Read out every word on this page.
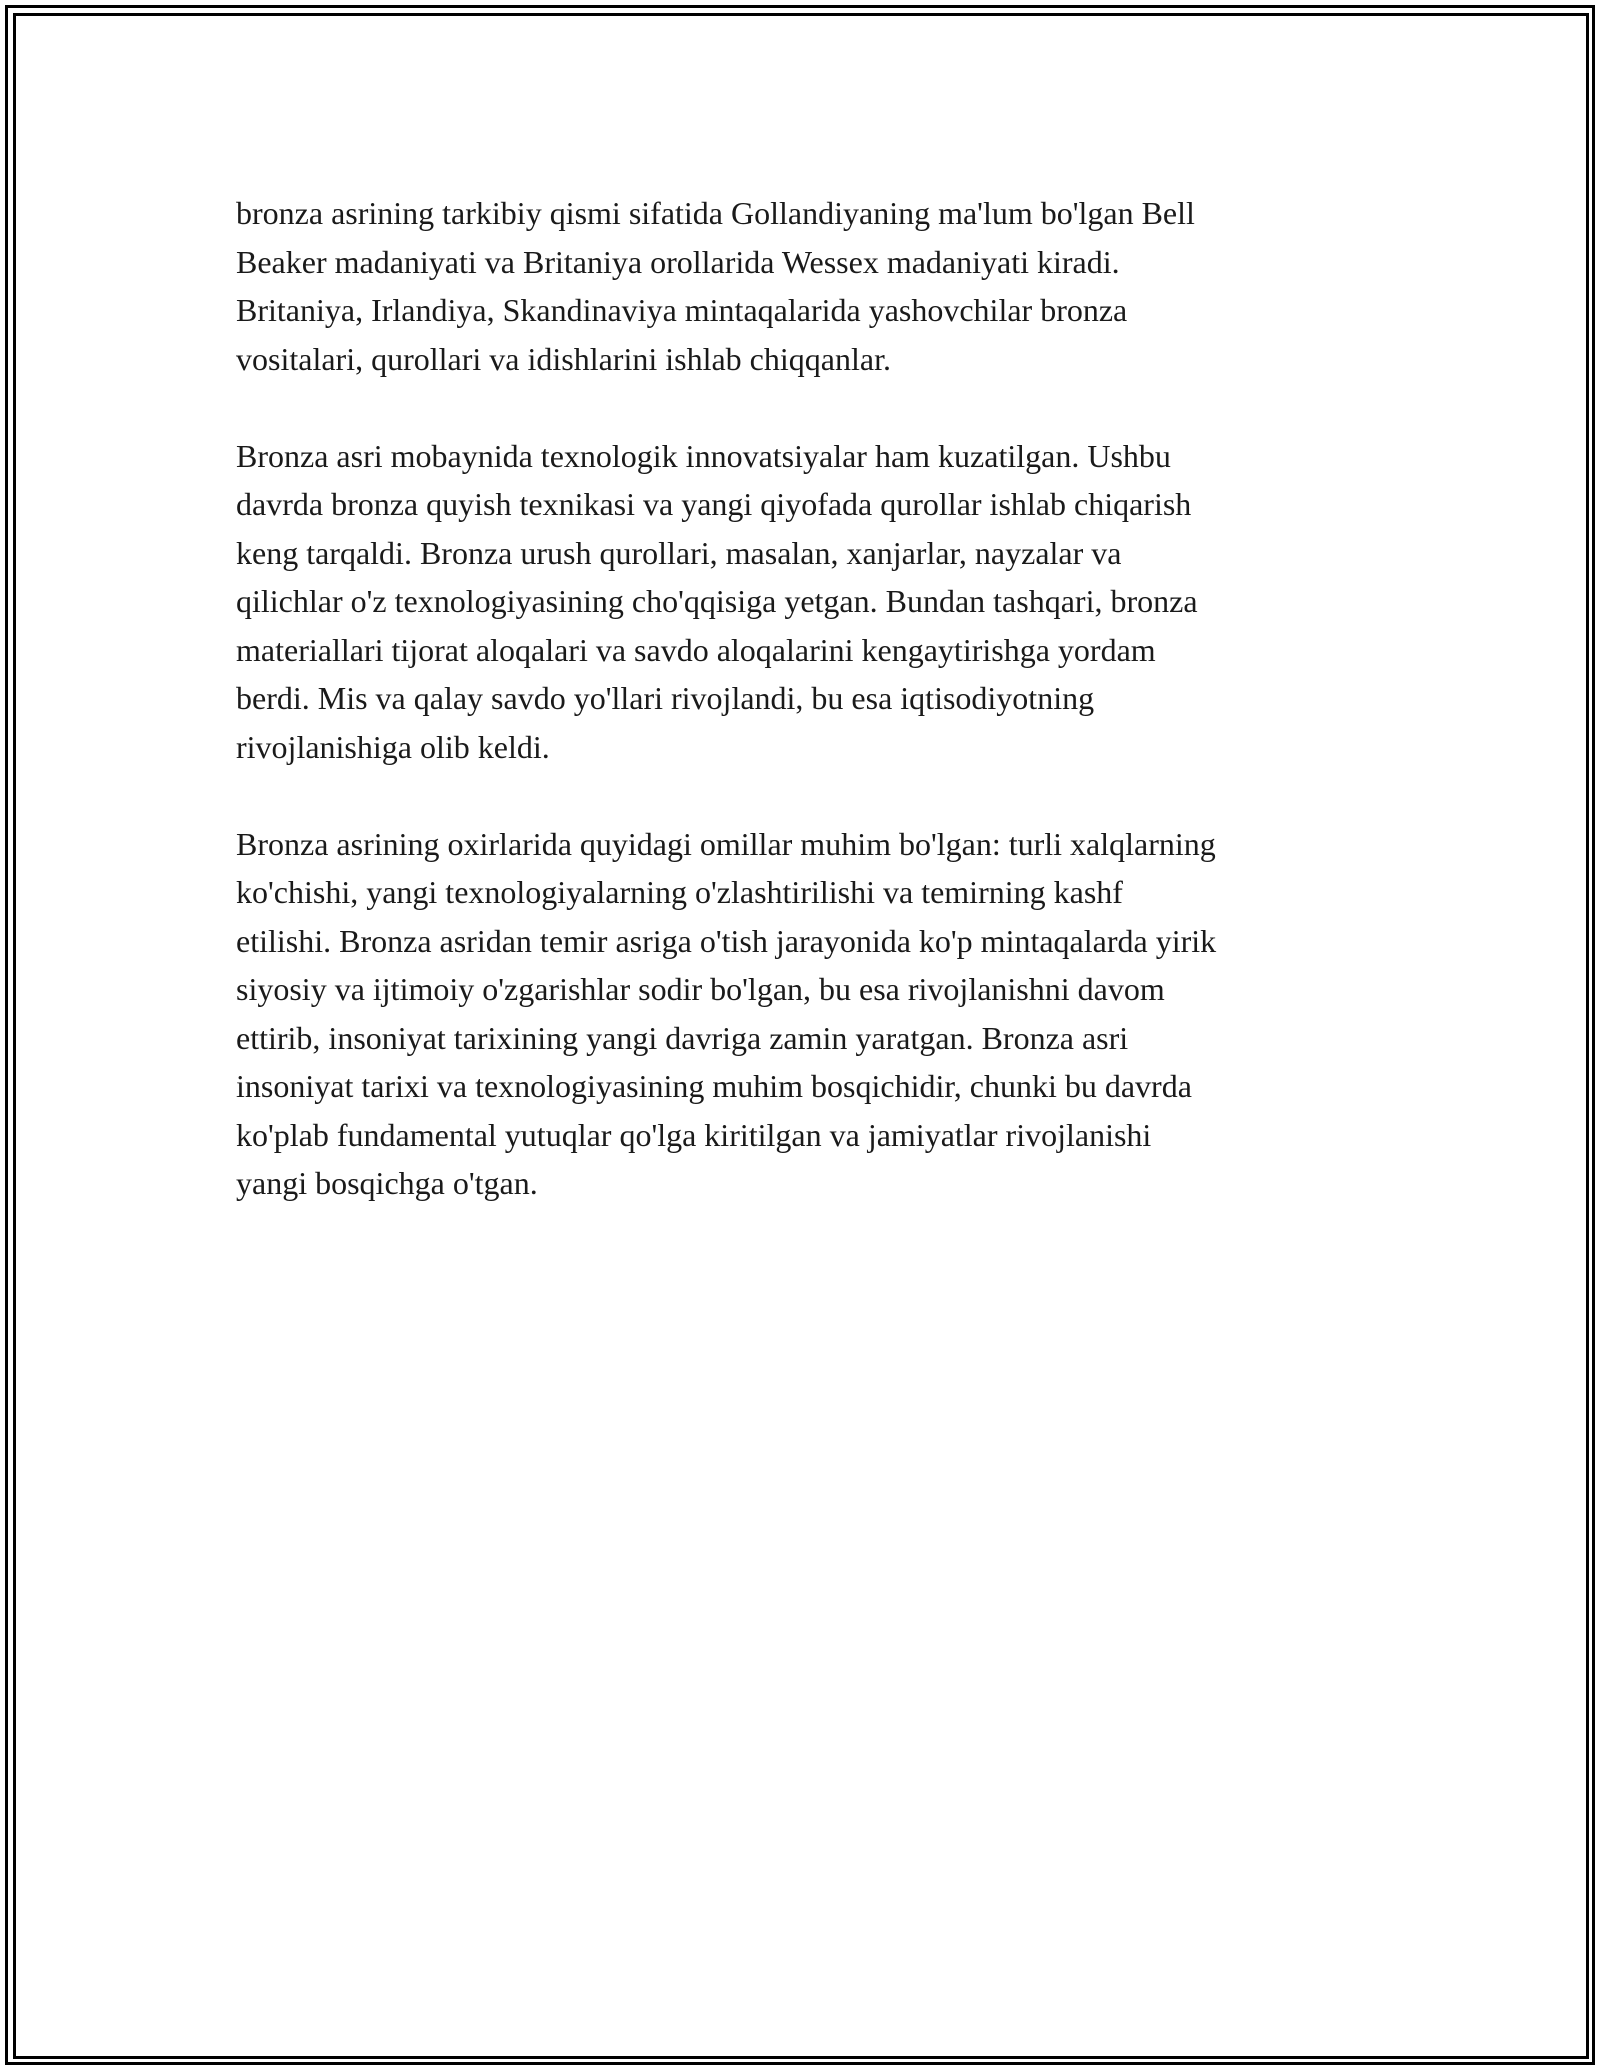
bronza asrining tarkibiy qismi sifatida Gollandiyaning ma'lum bo'lgan Bell
Beaker madaniyati va Britaniya orollarida Wessex madaniyati kiradi.
Britaniya, Irlandiya, Skandinaviya mintaqalarida yashovchilar bronza
vositalari, qurollari va idishlarini ishlab chiqqanlar.

Bronza asri mobaynida texnologik innovatsiyalar ham kuzatilgan. Ushbu
davrda bronza quyish texnikasi va yangi qiyofada qurollar ishlab chiqarish
keng tarqaldi. Bronza urush qurollari, masalan, xanjarlar, nayzalar va
qilichlar o'z texnologiyasining cho'qqisiga yetgan. Bundan tashqari, bronza
materiallari tijorat aloqalari va savdo aloqalarini kengaytirishga yordam
berdi. Mis va qalay savdo yo'llari rivojlandi, bu esa iqtisodiyotning
rivojlanishiga olib keldi.

Bronza asrining oxirlarida quyidagi omillar muhim bo'lgan: turli xalqlarning
ko'chishi, yangi texnologiyalarning o'zlashtirilishi va temirning kashf
etilishi. Bronza asridan temir asriga o'tish jarayonida ko'p mintaqalarda yirik
siyosiy va ijtimoiy o'zgarishlar sodir bo'lgan, bu esa rivojlanishni davom
ettirib, insoniyat tarixining yangi davriga zamin yaratgan. Bronza asri
insoniyat tarixi va texnologiyasining muhim bosqichidir, chunki bu davrda
ko'plab fundamental yutuqlar qo'lga kiritilgan va jamiyatlar rivojlanishi
yangi bosqichga o'tgan.
